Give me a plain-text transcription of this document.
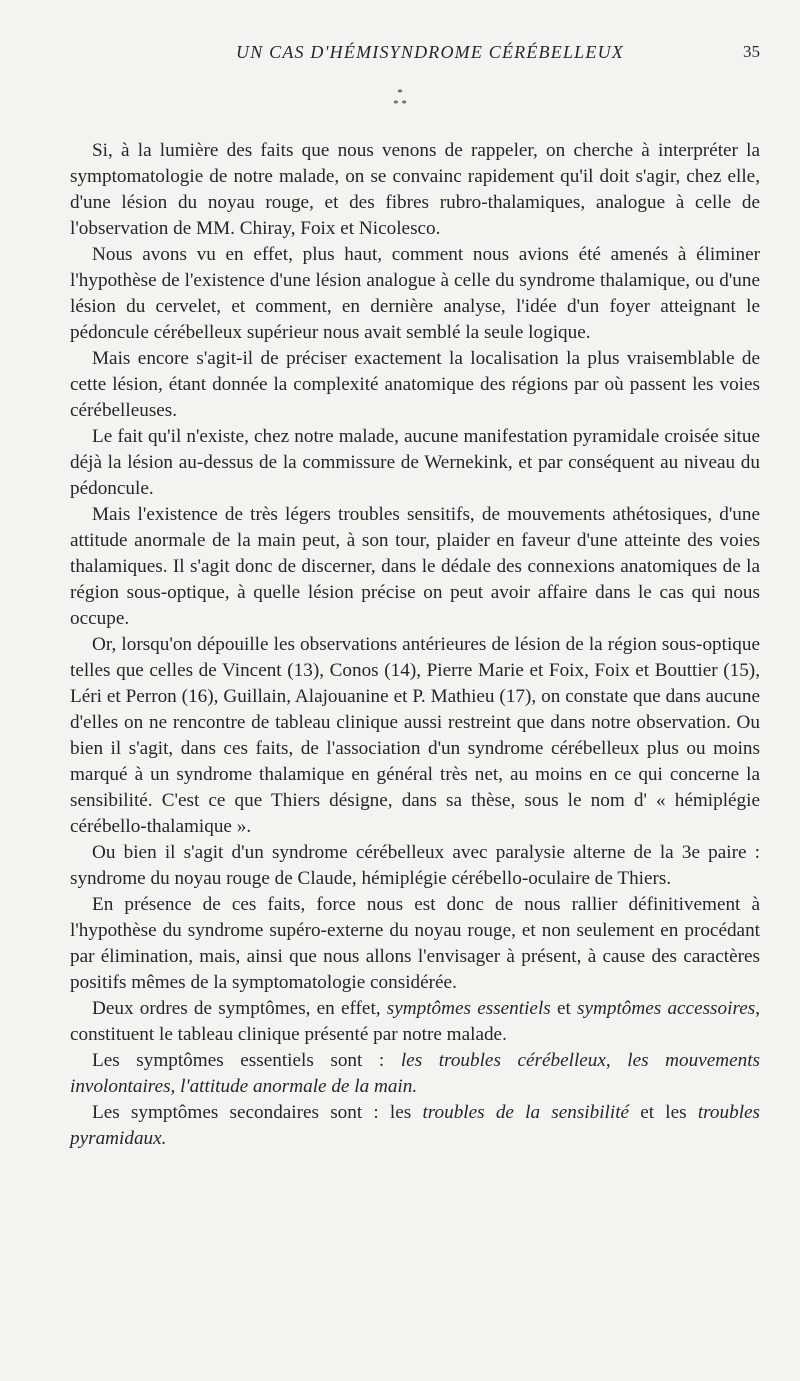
UN CAS D'HÉMISYNDROME CÉRÉBELLEUX	35
*
* *

Si, à la lumière des faits que nous venons de rappeler, on cherche à interpréter la symptomatologie de notre malade, on se convainc rapidement qu'il doit s'agir, chez elle, d'une lésion du noyau rouge, et des fibres rubro-thalamiques, analogue à celle de l'observation de MM. Chiray, Foix et Nicolesco.

Nous avons vu en effet, plus haut, comment nous avions été amenés à éliminer l'hypothèse de l'existence d'une lésion analogue à celle du syndrome thalamique, ou d'une lésion du cervelet, et comment, en dernière analyse, l'idée d'un foyer atteignant le pédoncule cérébelleux supérieur nous avait semblé la seule logique.

Mais encore s'agit-il de préciser exactement la localisation la plus vraisemblable de cette lésion, étant donnée la complexité anatomique des régions par où passent les voies cérébelleuses.

Le fait qu'il n'existe, chez notre malade, aucune manifestation pyramidale croisée situe déjà la lésion au-dessus de la commissure de Wernekink, et par conséquent au niveau du pédoncule.

Mais l'existence de très légers troubles sensitifs, de mouvements athétosiques, d'une attitude anormale de la main peut, à son tour, plaider en faveur d'une atteinte des voies thalamiques. Il s'agit donc de discerner, dans le dédale des connexions anatomiques de la région sous-optique, à quelle lésion précise on peut avoir affaire dans le cas qui nous occupe.

Or, lorsqu'on dépouille les observations antérieures de lésion de la région sous-optique telles que celles de Vincent (13), Conos (14), Pierre Marie et Foix, Foix et Bouttier (15), Léri et Perron (16), Guillain, Alajouanine et P. Mathieu (17), on constate que dans aucune d'elles on ne rencontre de tableau clinique aussi restreint que dans notre observation. Ou bien il s'agit, dans ces faits, de l'association d'un syndrome cérébelleux plus ou moins marqué à un syndrome thalamique en général très net, au moins en ce qui concerne la sensibilité. C'est ce que Thiers désigne, dans sa thèse, sous le nom d' « hémiplégie cérébello-thalamique ».

Ou bien il s'agit d'un syndrome cérébelleux avec paralysie alterne de la 3e paire : syndrome du noyau rouge de Claude, hémiplégie cérébello-oculaire de Thiers.

En présence de ces faits, force nous est donc de nous rallier définitivement à l'hypothèse du syndrome supéro-externe du noyau rouge, et non seulement en procédant par élimination, mais, ainsi que nous allons l'envisager à présent, à cause des caractères positifs mêmes de la symptomatologie considérée.

Deux ordres de symptômes, en effet, symptômes essentiels et symptômes accessoires, constituent le tableau clinique présenté par notre malade.

Les symptômes essentiels sont : les troubles cérébelleux, les mouvements involontaires, l'attitude anormale de la main.

Les symptômes secondaires sont : les troubles de la sensibilité et les troubles pyramidaux.
